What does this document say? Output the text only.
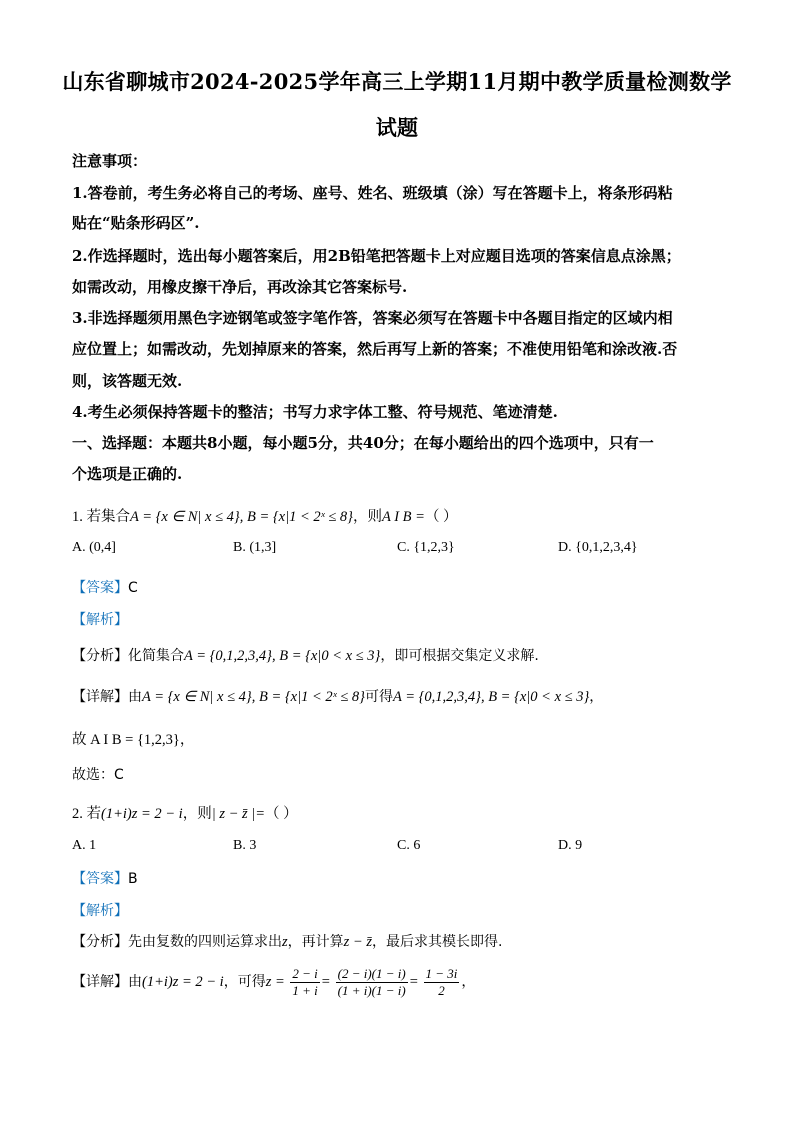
山东省聊城市2024-2025学年高三上学期11月期中教学质量检测数学
试题
注意事项：
1.答卷前，考生务必将自己的考场、座号、姓名、班级填（涂）写在答题卡上，将条形码粘
贴在“贴条形码区”.
2.作选择题时，选出每小题答案后，用2B铅笔把答题卡上对应题目选项的答案信息点涂黑；
如需改动，用橡皮擦干净后，再改涂其它答案标号.
3.非选择题须用黑色字迹钢笔或签字笔作答，答案必须写在答题卡中各题目指定的区域内相
应位置上；如需改动，先划掉原来的答案，然后再写上新的答案；不准使用铅笔和涂改液.否
则，该答题无效.
4.考生必须保持答题卡的整洁；书写力求字体工整、符号规范、笔迹清楚.
一、选择题：本题共8小题，每小题5分，共40分；在每小题给出的四个选项中，只有一
个选项是正确的.
1. 若集合A = {x ∈ N| x ≤ 4}, B = {x|1 < 2ˣ ≤ 8}，则A I B =（ ）
A. (0,4]	B. (1,3]	C. {1,2,3}	D. {0,1,2,3,4}
【答案】C
【解析】
【分析】化简集合A = {0,1,2,3,4}, B = {x|0 < x ≤ 3}，即可根据交集定义求解.
【详解】由A = {x ∈ N| x ≤ 4}, B = {x|1 < 2ˣ ≤ 8}可得A = {0,1,2,3,4}, B = {x|0 < x ≤ 3}，
故 A I B = {1,2,3}，
故选：C
2. 若(1+i)z = 2 − i，则| z − z̄ |=（ ）
A. 1	B. 3	C. 6	D. 9
【答案】B
【解析】
【分析】先由复数的四则运算求出z，再计算z − z̄，最后求其模长即得.
【详解】由(1+i)z = 2 − i，可得$z = \frac{2 - i}{1 + i} = \frac{(2 - i)(1 - i)}{(1 + i)(1 - i)} = \frac{1 - 3i}{2}$ ，
